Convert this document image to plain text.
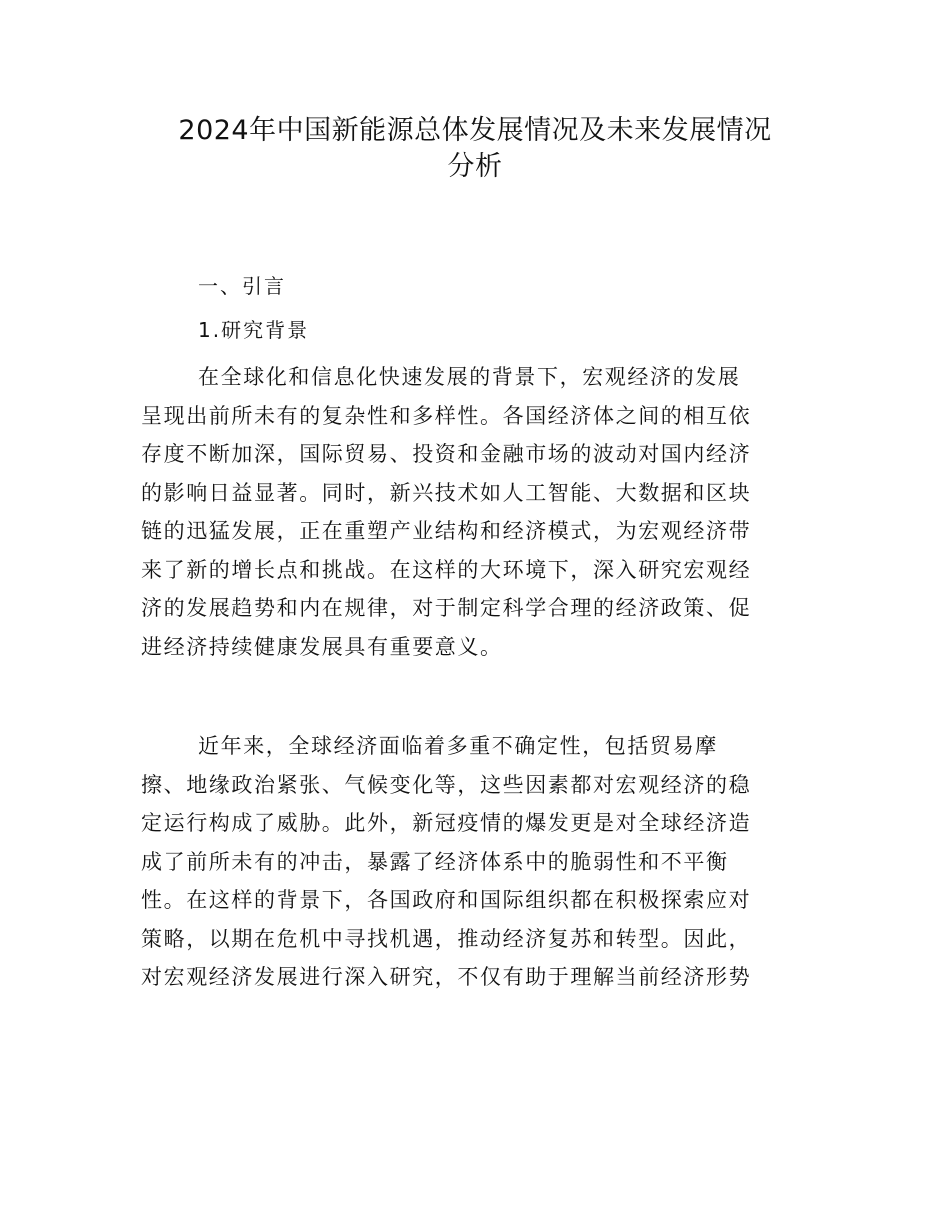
2024年中国新能源总体发展情况及未来发展情况
分析
一、引言
1.研究背景
在全球化和信息化快速发展的背景下，宏观经济的发展
呈现出前所未有的复杂性和多样性。各国经济体之间的相互依
存度不断加深，国际贸易、投资和金融市场的波动对国内经济
的影响日益显著。同时，新兴技术如人工智能、大数据和区块
链的迅猛发展，正在重塑产业结构和经济模式，为宏观经济带
来了新的增长点和挑战。在这样的大环境下，深入研究宏观经
济的发展趋势和内在规律，对于制定科学合理的经济政策、促
进经济持续健康发展具有重要意义。
近年来，全球经济面临着多重不确定性，包括贸易摩
擦、地缘政治紧张、气候变化等，这些因素都对宏观经济的稳
定运行构成了威胁。此外，新冠疫情的爆发更是对全球经济造
成了前所未有的冲击，暴露了经济体系中的脆弱性和不平衡
性。在这样的背景下，各国政府和国际组织都在积极探索应对
策略，以期在危机中寻找机遇，推动经济复苏和转型。因此，
对宏观经济发展进行深入研究，不仅有助于理解当前经济形势
